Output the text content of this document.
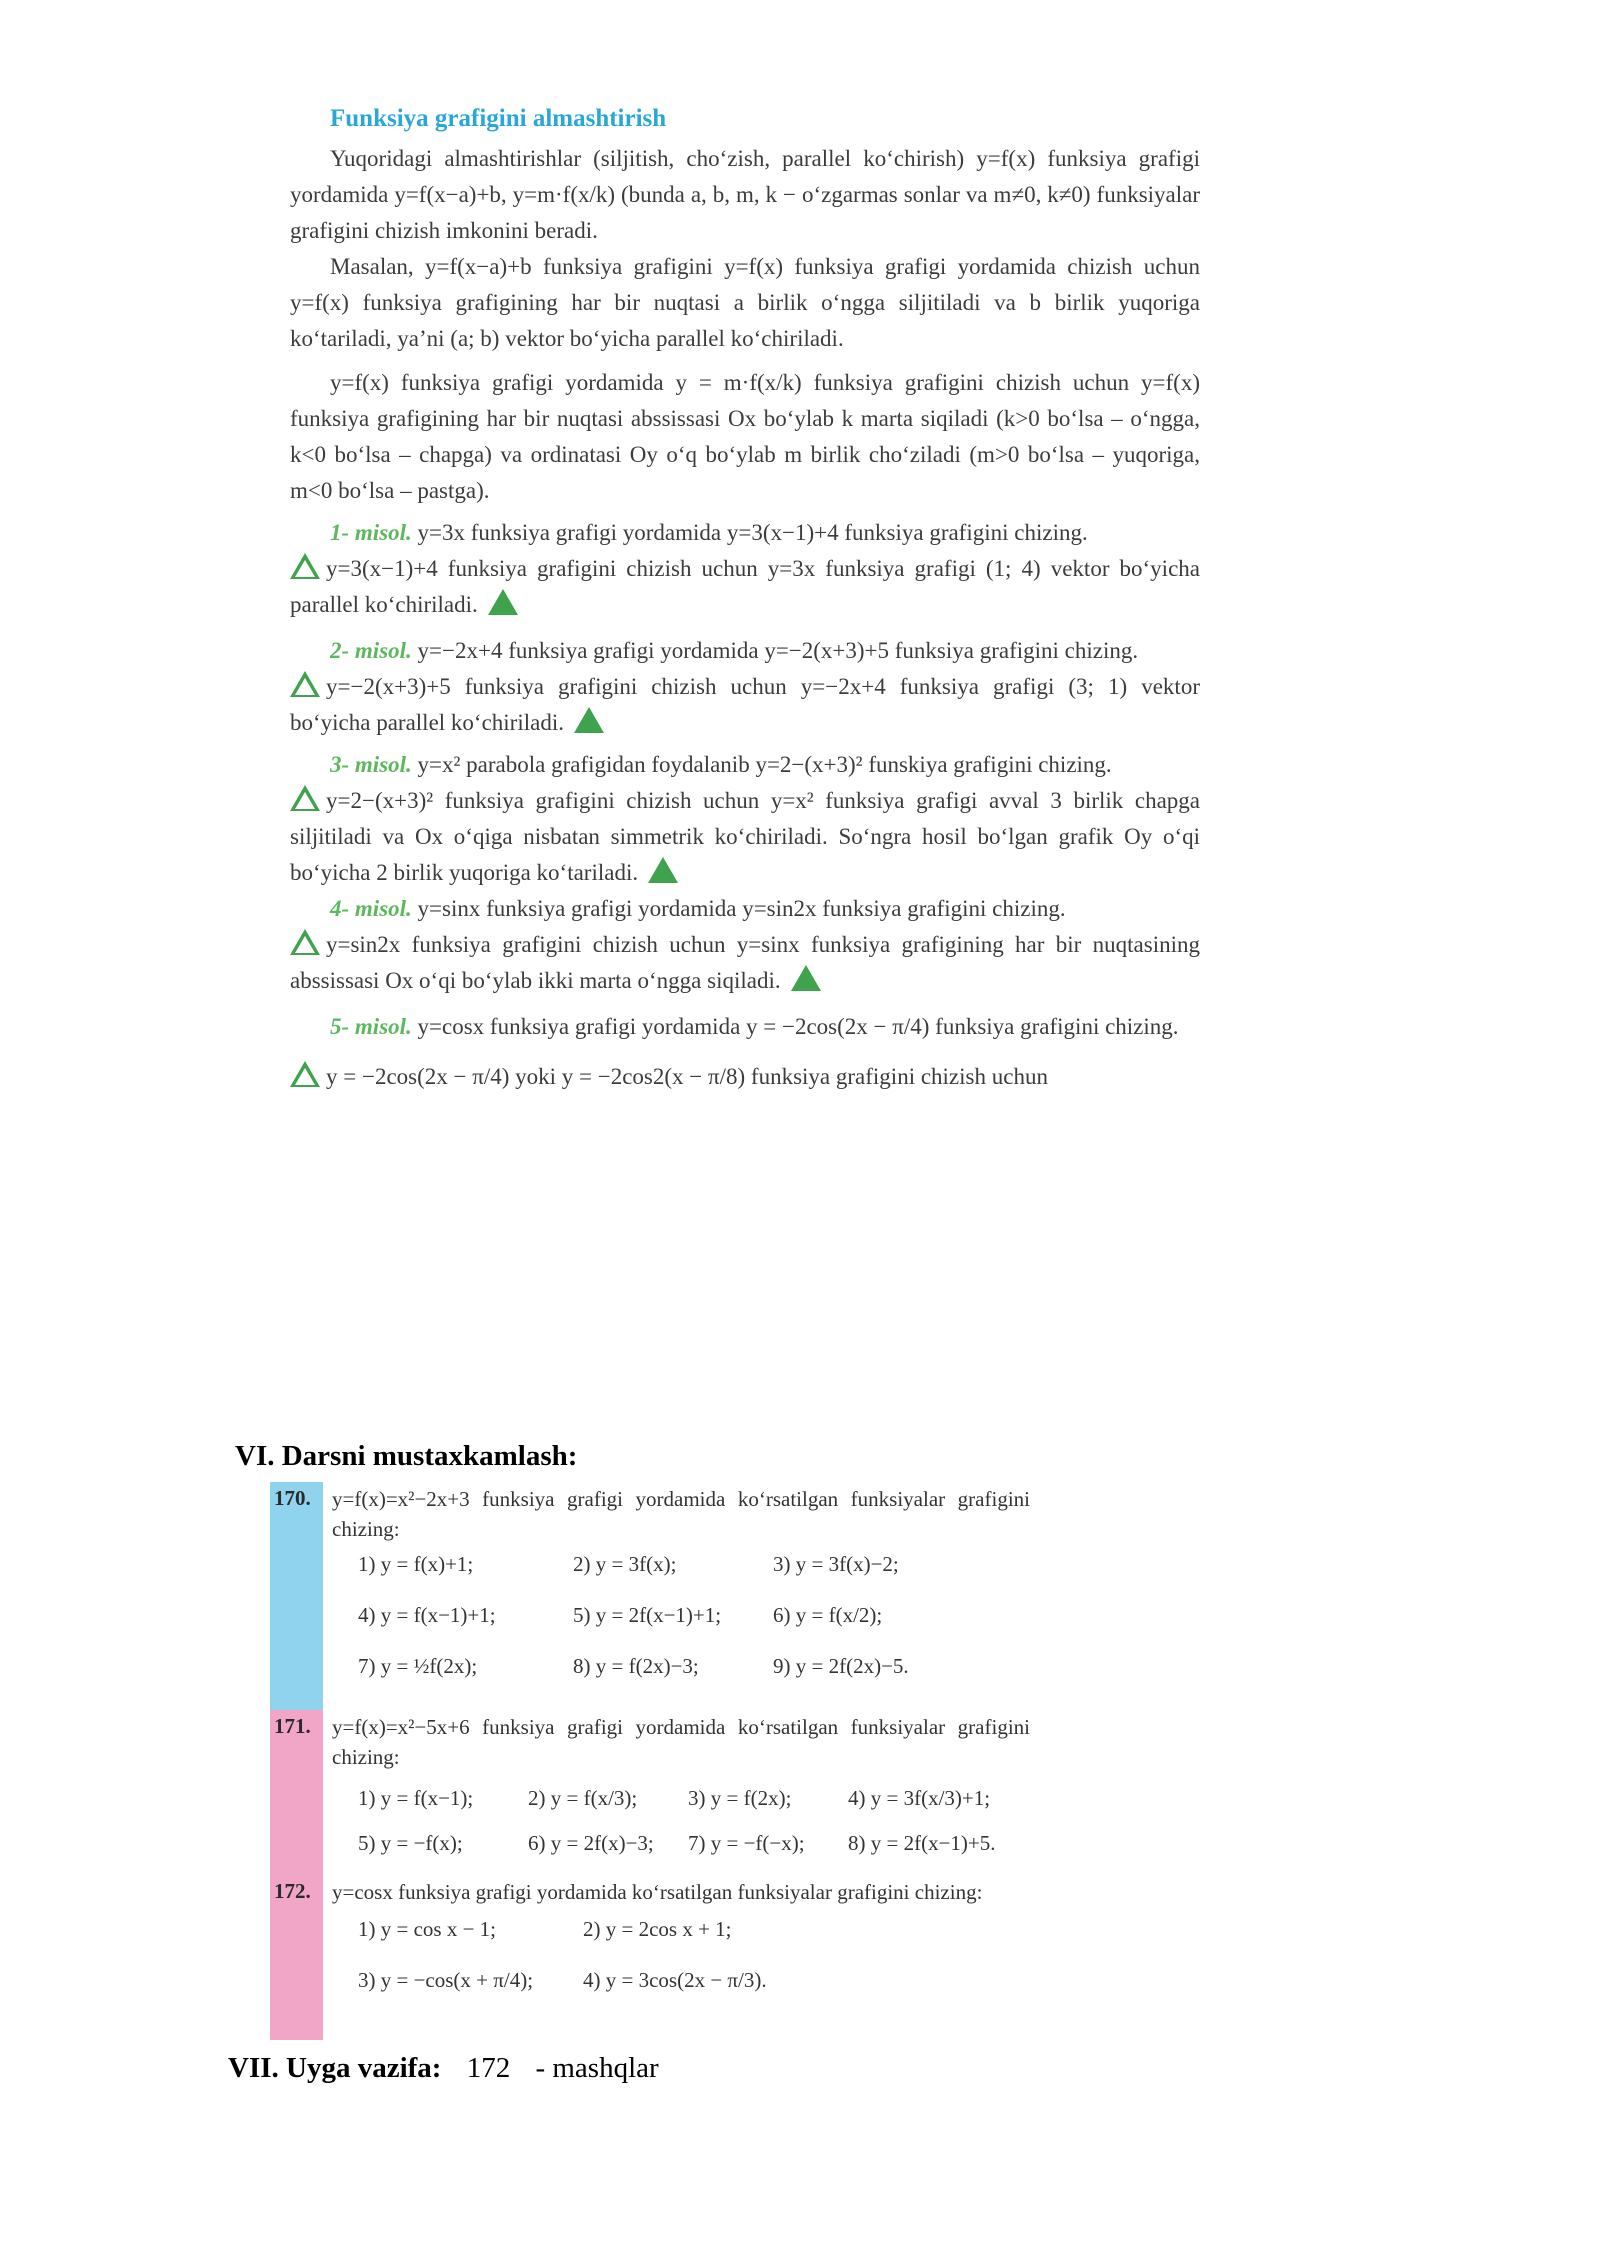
Funksiya grafigini almashtirish

Yuqoridagi almashtirishlar (siljitish, cho‘zish, parallel ko‘chirish) y=f(x) funksiya grafigi yordamida y=f(x−a)+b, y=m·f(x/k) (bunda a, b, m, k − o‘zgarmas sonlar va m≠0, k≠0) funksiyalar grafigini chizish imkonini beradi.

Masalan, y=f(x−a)+b funksiya grafigini y=f(x) funksiya grafigi yordamida chizish uchun y=f(x) funksiya grafigining har bir nuqtasi a birlik o‘ngga siljitiladi va b birlik yuqoriga ko‘tariladi, ya’ni (a; b) vektor bo‘yicha parallel ko‘chiriladi.

y=f(x) funksiya grafigi yordamida y = m·f(x/k) funksiya grafigini chizish uchun y=f(x) funksiya grafigining har bir nuqtasi abssissasi Ox bo‘ylab k marta siqiladi (k>0 bo‘lsa – o‘ngga, k<0 bo‘lsa – chapga) va ordinatasi Oy o‘q bo‘ylab m birlik cho‘ziladi (m>0 bo‘lsa – yuqoriga, m<0 bo‘lsa – pastga).

1- misol. y=3x funksiya grafigi yordamida y=3(x−1)+4 funksiya grafigini chizing.

y=3(x−1)+4 funksiya grafigini chizish uchun y=3x funksiya grafigi (1; 4) vektor bo‘yicha parallel ko‘chiriladi.

2- misol. y=−2x+4 funksiya grafigi yordamida y=−2(x+3)+5 funksiya grafigini chizing.

y=−2(x+3)+5 funksiya grafigini chizish uchun y=−2x+4 funksiya grafigi (3; 1) vektor bo‘yicha parallel ko‘chiriladi.

3- misol. y=x² parabola grafigidan foydalanib y=2−(x+3)² funskiya grafigini chizing.

y=2−(x+3)² funksiya grafigini chizish uchun y=x² funksiya grafigi avval 3 birlik chapga siljitiladi va Ox o‘qiga nisbatan simmetrik ko‘chiriladi. So‘ngra hosil bo‘lgan grafik Oy o‘qi bo‘yicha 2 birlik yuqoriga ko‘tariladi.

4- misol. y=sinx funksiya grafigi yordamida y=sin2x funksiya grafigini chizing.

y=sin2x funksiya grafigini chizish uchun y=sinx funksiya grafigining har bir nuqtasining abssissasi Ox o‘qi bo‘ylab ikki marta o‘ngga siqiladi.

5- misol. y=cosx funksiya grafigi yordamida y = −2cos(2x − π/4) funksiya grafigini chizing.

y = −2cos(2x − π/4) yoki y = −2cos2(x − π/8) funksiya grafigini chizish uchun

VI. Darsni mustaxkamlash:
170. y=f(x)=x²−2x+3 funksiya grafigi yordamida ko‘rsatilgan funksiyalar grafigini chizing:

1) y = f(x)+1;	2) y = 3f(x);	3) y = 3f(x)−2;
4) y = f(x−1)+1;	5) y = 2f(x−1)+1;	6) y = f(x/2);
7) y = ½f(2x);	8) y = f(2x)−3;	9) y = 2f(2x)−5.
171. y=f(x)=x²−5x+6 funksiya grafigi yordamida ko‘rsatilgan funksiyalar grafigini chizing:

1) y = f(x−1);	2) y = f(x/3);	3) y = f(2x);	4) y = 3f(x/3)+1;
5) y = −f(x);	6) y = 2f(x)−3;	7) y = −f(−x);	8) y = 2f(x−1)+5.
172. y=cosx funksiya grafigi yordamida ko‘rsatilgan funksiyalar grafigini chizing:

1) y = cos x − 1;	2) y = 2cos x + 1;
3) y = −cos(x + π/4);	4) y = 3cos(2x − π/3).
VII. Uyga vazifa: 172 - mashqlar
